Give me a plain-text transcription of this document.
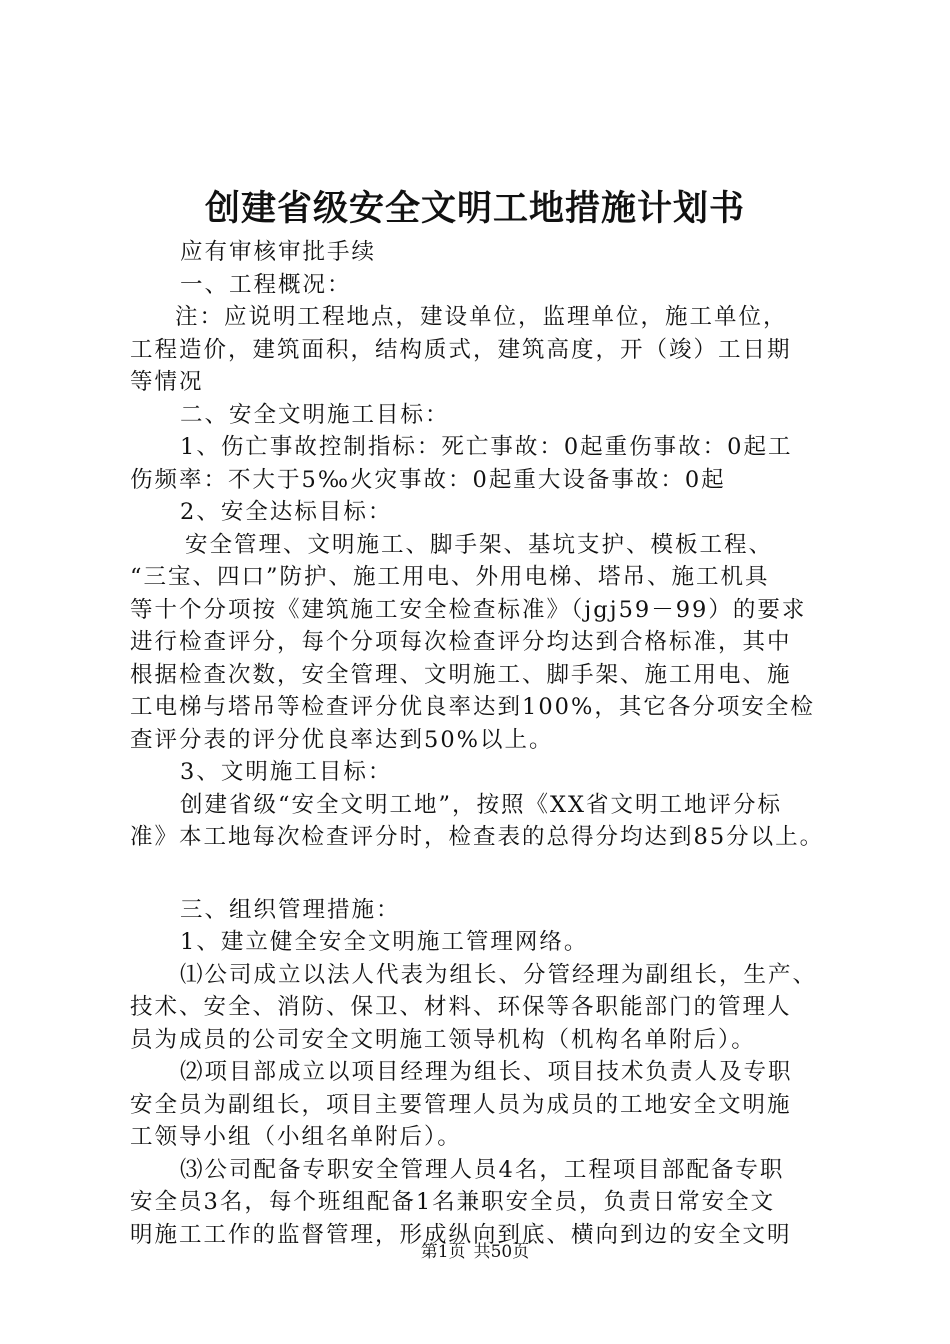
创建省级安全文明工地措施计划书

应有审核审批手续

一、工程概况：

注：应说明工程地点，建设单位，监理单位，施工单位，

工程造价，建筑面积，结构质式，建筑高度，开（竣）工日期

等情况

二、安全文明施工目标：

1、伤亡事故控制指标：死亡事故：0起重伤事故：0起工

伤频率：不大于5‰火灾事故：0起重大设备事故：0起

2、安全达标目标：

安全管理、文明施工、脚手架、基坑支护、模板工程、

“三宝、四口”防护、施工用电、外用电梯、塔吊、施工机具

等十个分项按《建筑施工安全检查标准》（jgj59－99）的要求

进行检查评分，每个分项每次检查评分均达到合格标准，其中

根据检查次数，安全管理、文明施工、脚手架、施工用电、施

工电梯与塔吊等检查评分优良率达到100%，其它各分项安全检

查评分表的评分优良率达到50%以上。

3、文明施工目标：

创建省级“安全文明工地”，按照《XX省文明工地评分标

准》本工地每次检查评分时，检查表的总得分均达到85分以上。

三、组织管理措施：

1、建立健全安全文明施工管理网络。

⑴公司成立以法人代表为组长、分管经理为副组长，生产、

技术、安全、消防、保卫、材料、环保等各职能部门的管理人

员为成员的公司安全文明施工领导机构（机构名单附后）。

⑵项目部成立以项目经理为组长、项目技术负责人及专职

安全员为副组长，项目主要管理人员为成员的工地安全文明施

工领导小组（小组名单附后）。

⑶公司配备专职安全管理人员4名，工程项目部配备专职

安全员3名，每个班组配备1名兼职安全员，负责日常安全文

明施工工作的监督管理，形成纵向到底、横向到边的安全文明

第1页 共50页
